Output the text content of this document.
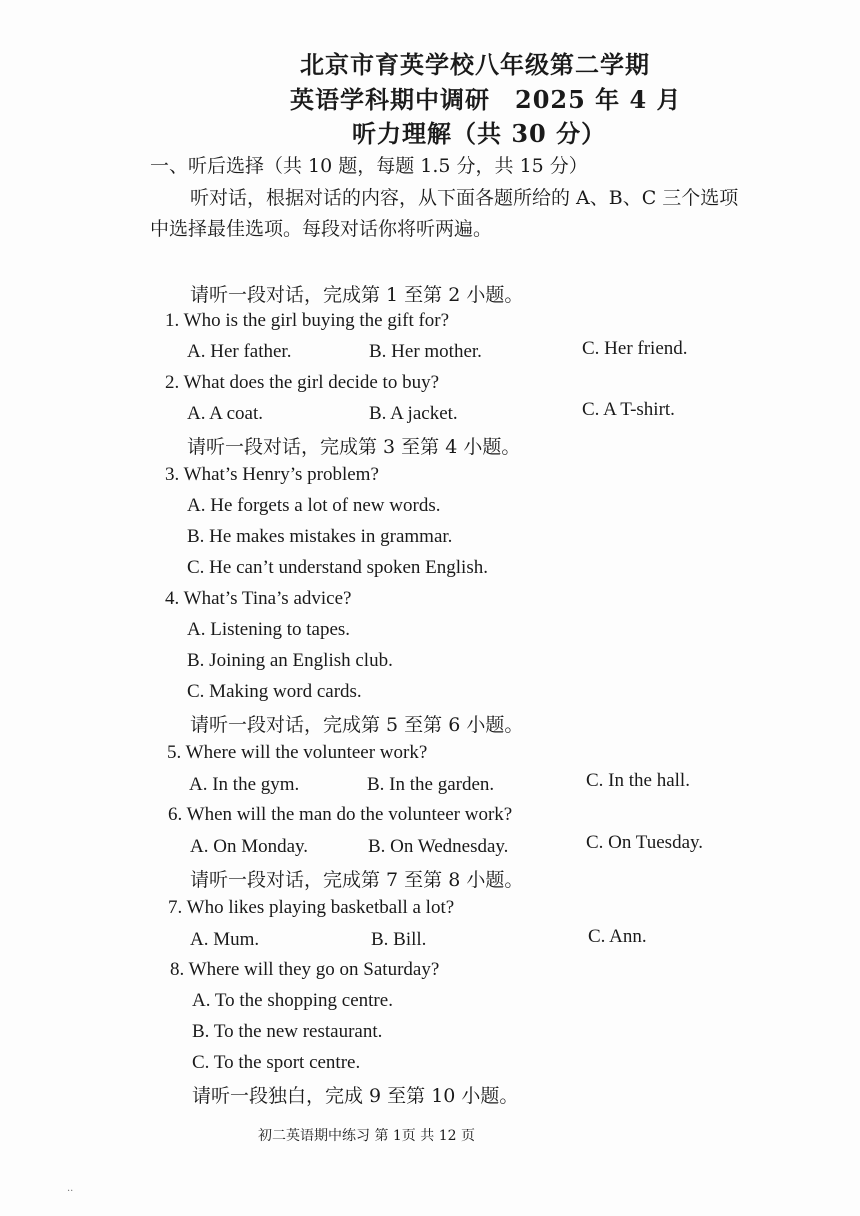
北京市育英学校八年级第二学期
英语学科期中调研 2025 年 4 月
听力理解（共 30 分）
一、听后选择（共 10 题，每题 1.5 分，共 15 分）
听对话，根据对话的内容，从下面各题所给的 A、B、C 三个选项
中选择最佳选项。每段对话你将听两遍。
请听一段对话，完成第 1 至第 2 小题。
1. Who is the girl buying the gift for?
A. Her father.	B. Her mother.	C. Her friend.
2. What does the girl decide to buy?
A. A coat.	B. A jacket.	C. A T-shirt.
请听一段对话，完成第 3 至第 4 小题。
3. What’s Henry’s problem?
A. He forgets a lot of new words.
B. He makes mistakes in grammar.
C. He can’t understand spoken English.
4. What’s Tina’s advice?
A. Listening to tapes.
B. Joining an English club.
C. Making word cards.
请听一段对话，完成第 5 至第 6 小题。
5. Where will the volunteer work?
A. In the gym.	B. In the garden.	C. In the hall.
6. When will the man do the volunteer work?
A. On Monday.	B. On Wednesday.	C. On Tuesday.
请听一段对话，完成第 7 至第 8 小题。
7. Who likes playing basketball a lot?
A. Mum.	B. Bill.	C. Ann.
8. Where will they go on Saturday?
A. To the shopping centre.
B. To the new restaurant.
C. To the sport centre.
请听一段独白，完成 9 至第 10 小题。
初二英语期中练习 第 1页 共 12 页
··
